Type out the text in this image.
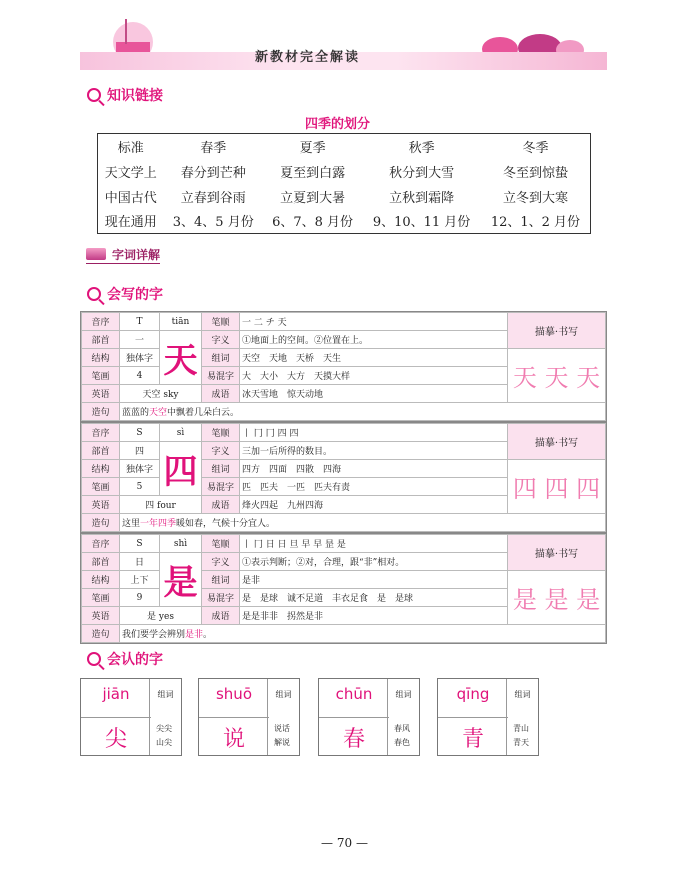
新教材完全解读
知识链接
四季的划分
标准	春季	夏季	秋季	冬季
天文学上	春分到芒种	夏至到白露	秋分到大雪	冬至到惊蛰
中国古代	立春到谷雨	立夏到大暑	立秋到霜降	立冬到大寒
现在通用	3、4、5 月份	6、7、8 月份	9、10、11 月份	12、1、2 月份
字词详解
会写的字
音序	T	tiān	笔顺	一 二 チ 天	描摹·书写
部首	一	天	字义	①地面上的空间。②位置在上。	
结构	独体字		组词	天空　天地　天桥　天生	天 天 天
笔画	4		易混字	大　大小　大方　天摸大样	
英语	天空 sky		成语	冰天雪地　惊天动地	
造句	蓝蓝的天空中飘着几朵白云。				
音序	S	sì	笔顺	丨 冂 冂 四 四	描摹·书写
部首	四	四	字义	三加一后所得的数目。	
结构	独体字		组词	四方　四面　四散　四海	四 四 四
笔画	5		易混字	匹　匹夫　一匹　匹夫有责	
英语	四 four		成语	烽火四起　九州四海	
造句	这里一年四季暖如春，气候十分宜人。				
音序	S	shì	笔顺	丨 冂 日 日 旦 早 早 昰 是	描摹·书写
部首	日	是	字义	①表示判断；②对，合理，跟“非”相对。	
结构	上下		组词	是非	是 是 是
笔画	9		易混字	是　是球　诚不足道　丰衣足食　是　是球	
英语	是 yes		成语	是是非非　拐然是非	
造句	我们要学会辨别是非。				
会认的字
jiān	组词
尖	尖尖
山尖
shuō	组词
说	说话
解说
chūn	组词
春	春风
春色
qīng	组词
青	青山
青天
— 70 —
